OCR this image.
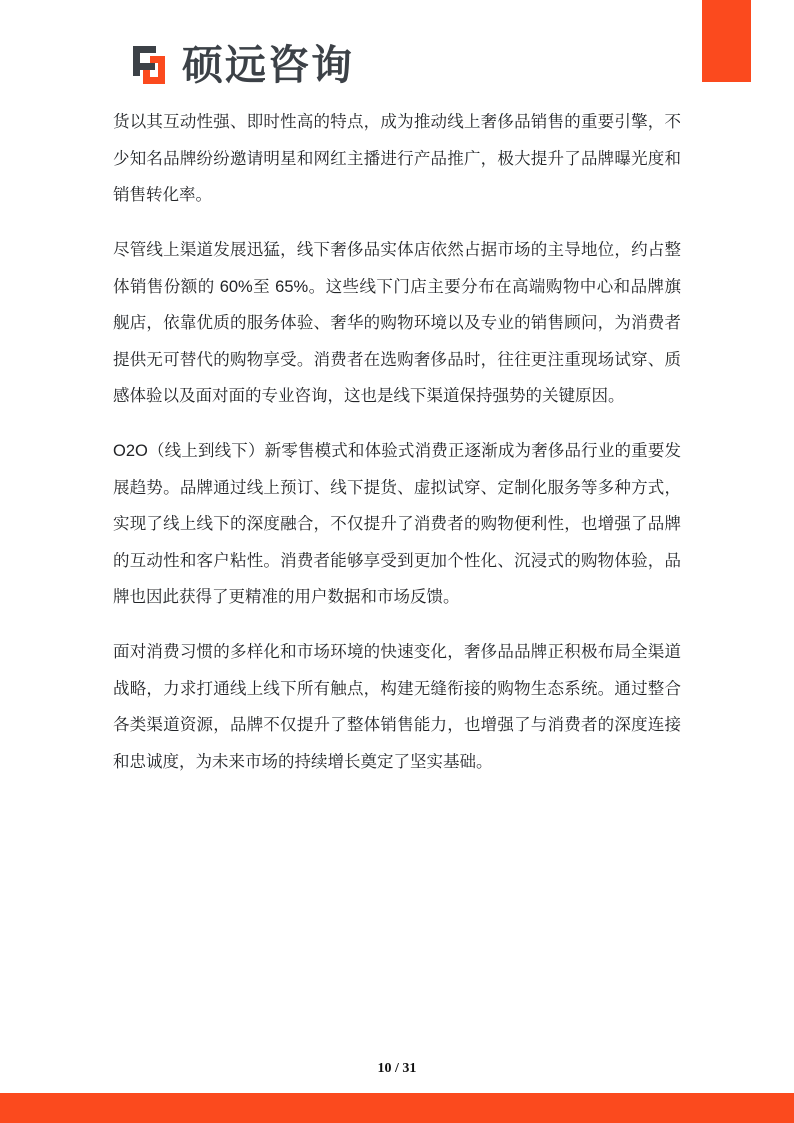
硕远咨询

货以其互动性强、即时性高的特点，成为推动线上奢侈品销售的重要引擎，不少知名品牌纷纷邀请明星和网红主播进行产品推广，极大提升了品牌曝光度和销售转化率。

尽管线上渠道发展迅猛，线下奢侈品实体店依然占据市场的主导地位，约占整体销售份额的 60%至 65%。这些线下门店主要分布在高端购物中心和品牌旗舰店，依靠优质的服务体验、奢华的购物环境以及专业的销售顾问，为消费者提供无可替代的购物享受。消费者在选购奢侈品时，往往更注重现场试穿、质感体验以及面对面的专业咨询，这也是线下渠道保持强势的关键原因。

O2O（线上到线下）新零售模式和体验式消费正逐渐成为奢侈品行业的重要发展趋势。品牌通过线上预订、线下提货、虚拟试穿、定制化服务等多种方式，实现了线上线下的深度融合，不仅提升了消费者的购物便利性，也增强了品牌的互动性和客户粘性。消费者能够享受到更加个性化、沉浸式的购物体验，品牌也因此获得了更精准的用户数据和市场反馈。

面对消费习惯的多样化和市场环境的快速变化，奢侈品品牌正积极布局全渠道战略，力求打通线上线下所有触点，构建无缝衔接的购物生态系统。通过整合各类渠道资源，品牌不仅提升了整体销售能力，也增强了与消费者的深度连接和忠诚度，为未来市场的持续增长奠定了坚实基础。

10 / 31
